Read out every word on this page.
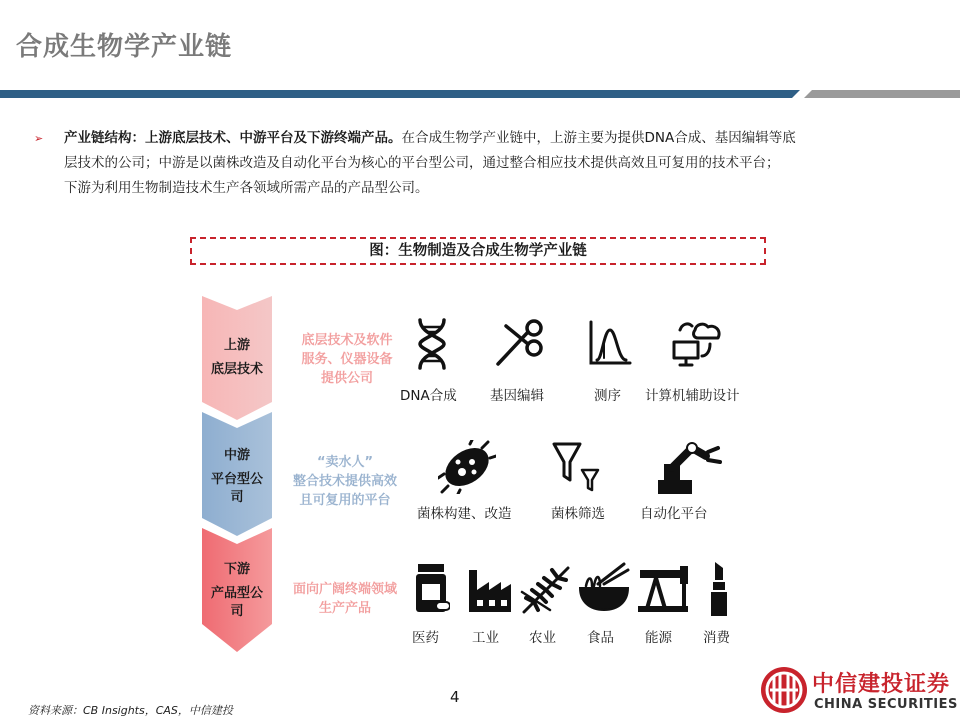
合成生物学产业链
➢ 产业链结构：上游底层技术、中游平台及下游终端产品。在合成生物学产业链中，上游主要为提供DNA合成、基因编辑等底
层技术的公司；中游是以菌株改造及自动化平台为核心的平台型公司，通过整合相应技术提供高效且可复用的技术平台；
下游为利用生物制造技术生产各领域所需产品的产品型公司。
图：生物制造及合成生物学产业链
上游
底层技术
中游
平台型公
司
下游
产品型公
司
底层技术及软件
服务、仪器设备
提供公司
“卖水人”
整合技术提供高效
且可复用的平台
面向广阔终端领域
生产产品
DNA合成 基因编辑	测序 计算机辅助设计
菌株构建、改造	菌株筛选	自动化平台
医药 工业 农业 食品 能源 消费
4
资料来源：CB Insights，CAS，中信建投
中信建投证券
CHINA SECURITIES
